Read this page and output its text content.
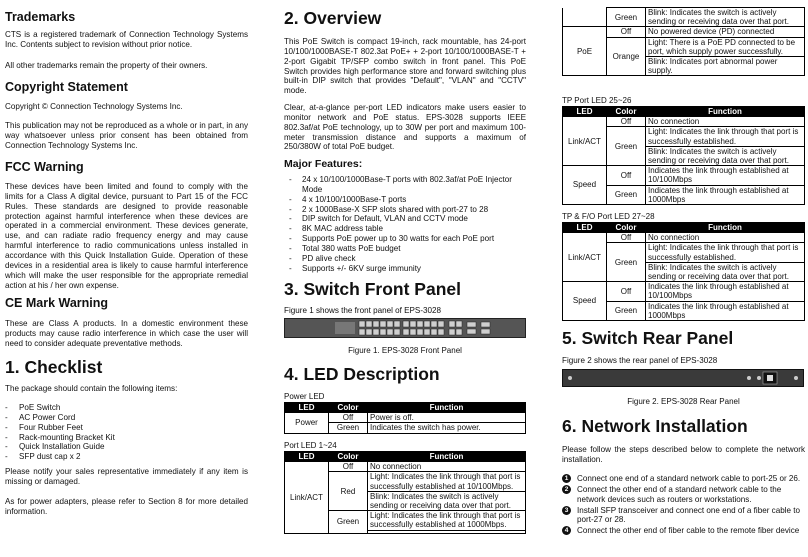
Trademarks

CTS is a registered trademark of Connection Technology Systems Inc. Contents subject to revision without prior notice.

All other trademarks remain the property of their owners.

Copyright Statement

Copyright © Connection Technology Systems Inc.

This publication may not be reproduced as a whole or in part, in any way whatsoever unless prior consent has been obtained from Connection Technology Systems Inc.

FCC Warning

These devices have been limited and found to comply with the limits for a Class A digital device, pursuant to Part 15 of the FCC Rules. These standards are designed to provide reasonable protection against harmful interference when these devices are operated in a commercial environment. These devices generate, use, and can radiate radio frequency energy and may cause harmful interference to radio communications unless installed in accordance with this Quick Installation Guide. Operation of these devices in a residential area is likely to cause harmful interference which will make the user responsible for the appropriate remedial action at his / her own expense.

CE Mark Warning

These are Class A products. In a domestic environment these products may cause radio interference in which case the user will need to consider adequate preventative methods.

1. Checklist

The package should contain the following items:

- PoE Switch
- AC Power Cord
- Four Rubber Feet
- Rack-mounting Bracket Kit
- Quick Installation Guide
- SFP dust cap x 2

Please notify your sales representative immediately if any item is missing or damaged.

As for power adapters, please refer to Section 8 for more detailed information.

2. Overview

This PoE Switch is compact 19-inch, rack mountable, has 24-port 10/100/1000BASE-T 802.3at PoE+ + 2-port 10/100/1000BASE-T + 2-port Gigabit TP/SFP combo switch in front panel. This PoE Switch provides high performance store and forward switching plus built-in DIP switch that provides "Default", "VLAN" and "CCTV" mode.

Clear, at-a-glance per-port LED indicators make users easier to monitor network and PoE status. EPS-3028 supports IEEE 802.3af/at PoE technology, up to 30W per port and maximum 100-meter transmission distance and supports a maximum of 250/380W of total PoE budget.

Major Features:
- 24 x 10/100/1000Base-T ports with 802.3af/at PoE Injector Mode
- 4 x 10/100/1000Base-T ports
- 2 x 1000Base-X SFP slots shared with port-27 to 28
- DIP switch for Default, VLAN and CCTV mode
- 8K MAC address table
- Supports PoE power up to 30 watts for each PoE port
- Total 380 watts PoE budget
- PD alive check
- Supports +/- 6KV surge immunity
3. Switch Front Panel

Figure 1 shows the front panel of EPS-3028

Figure 1. EPS-3028 Front Panel
4. LED Description

Power LED

LED	Color	Function
Power	Off	Power is off.
	Green	Indicates the switch has power.

Port LED 1~24

LED	Color	Function
Link/ACT	Off	No connection
	Red	Light: Indicates the link through that port is successfully established at 10/100Mbps.
		Blink: Indicates the switch is actively sending or receiving data over that port.
	Green	Light: Indicates the link through that port is successfully established at 1000Mbps.

	Green	Blink: Indicates the switch is actively sending or receiving data over that port.
PoE	Off	No powered device (PD) connected
	Orange	Light: There is a PoE PD connected to be port, which supply power successfully.
		Blink: Indicates port abnormal power supply.

TP Port LED 25~26

LED	Color	Function
Link/ACT	Off	No connection
	Green	Light: Indicates the link through that port is successfully established.
		Blink: Indicates the switch is actively sending or receiving data over that port.
Speed	Off	Indicates the link through established at 10/100Mbps
	Green	Indicates the link through established at 1000Mbps

TP & F/O Port LED 27~28

LED	Color	Function
Link/ACT	Off	No connection
	Green	Light: Indicates the link through that port is successfully established.
		Blink: Indicates the switch is actively sending or receiving data over that port.
Speed	Off	Indicates the link through established at 10/100Mbps
	Green	Indicates the link through established at 1000Mbps
5. Switch Rear Panel

Figure 2 shows the rear panel of EPS-3028

Figure 2. EPS-3028 Rear Panel
6. Network Installation

Please follow the steps described below to complete the network installation.

1	Connect one end of a standard network cable to port-25 or 26.
2	Connect the other end of a standard network cable to the network devices such as routers or workstations.
3	Install SFP transceiver and connect one end of a fiber cable to port-27 or 28.
4	Connect the other end of fiber cable to the remote fiber device
